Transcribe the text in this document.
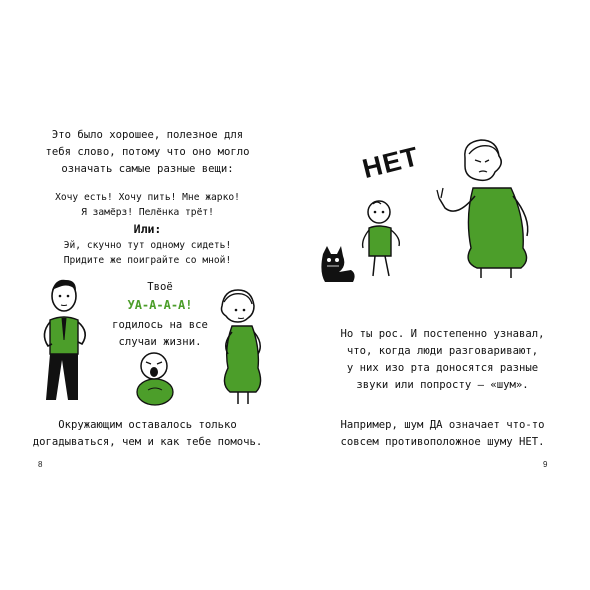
Это было хорошее, полезное для

тебя слово, потому что оно могло

означать самые разные вещи:

Хочу есть! Хочу пить! Мне жарко!

Я замёрз! Пелёнка трёт!

Или:

Эй, скучно тут одному сидеть!

Придите же поиграйте со мной!

Твоё
УА-А-А-А!

годилось на все

случаи жизни.

Окружающим оставалось только

догадываться, чем и как тебе помочь.

8
НЕТ

Но ты рос. И постепенно узнавал,

что, когда люди разговаривают,

у них изо рта доносятся разные

звуки или попросту – «шум».

Например, шум ДА означает что-то

совсем противоположное шуму НЕТ.

9
